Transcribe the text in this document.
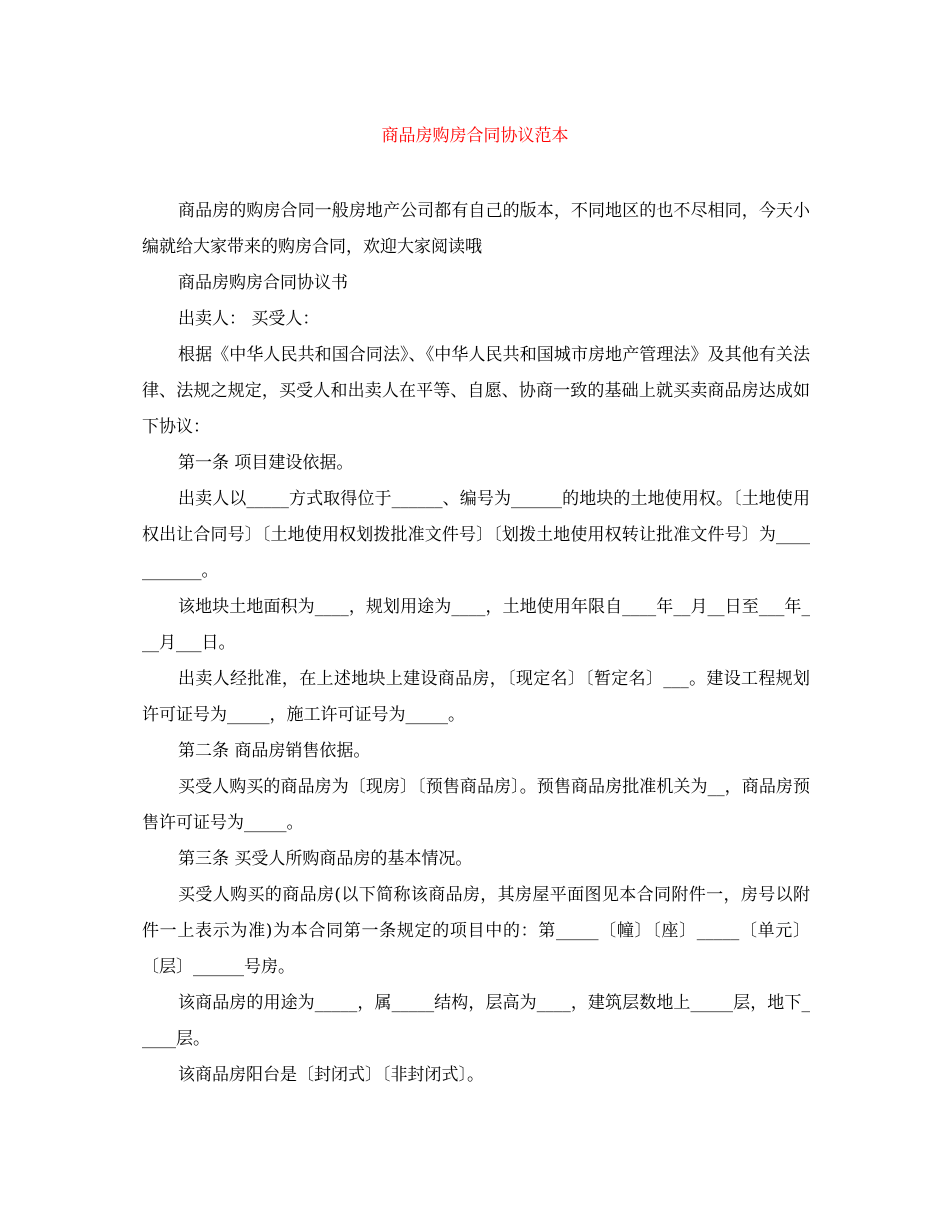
商品房购房合同协议范本

商品房的购房合同一般房地产公司都有自己的版本，不同地区的也不尽相同，今天小编就给大家带来的购房合同，欢迎大家阅读哦

商品房购房合同协议书

出卖人： 买受人：

根据《中华人民共和国合同法》、《中华人民共和国城市房地产管理法》及其他有关法律、法规之规定，买受人和出卖人在平等、自愿、协商一致的基础上就买卖商品房达成如下协议：

第一条 项目建设依据。

出卖人以_____方式取得位于______、编号为______的地块的土地使用权。〔土地使用权出让合同号〕〔土地使用权划拨批准文件号〕〔划拨土地使用权转让批准文件号〕为___________。

该地块土地面积为____，规划用途为____，土地使用年限自____年__月__日至___年___月___日。

出卖人经批准，在上述地块上建设商品房，〔现定名〕〔暂定名〕___。建设工程规划许可证号为_____，施工许可证号为_____。

第二条 商品房销售依据。

买受人购买的商品房为〔现房〕〔预售商品房〕。预售商品房批准机关为__，商品房预售许可证号为_____。

第三条 买受人所购商品房的基本情况。

买受人购买的商品房(以下简称该商品房，其房屋平面图见本合同附件一，房号以附件一上表示为准)为本合同第一条规定的项目中的：第_____〔幢〕〔座〕_____〔单元〕〔层〕______号房。

该商品房的用途为_____，属_____结构，层高为____，建筑层数地上_____层，地下_____层。

该商品房阳台是〔封闭式〕〔非封闭式〕。
